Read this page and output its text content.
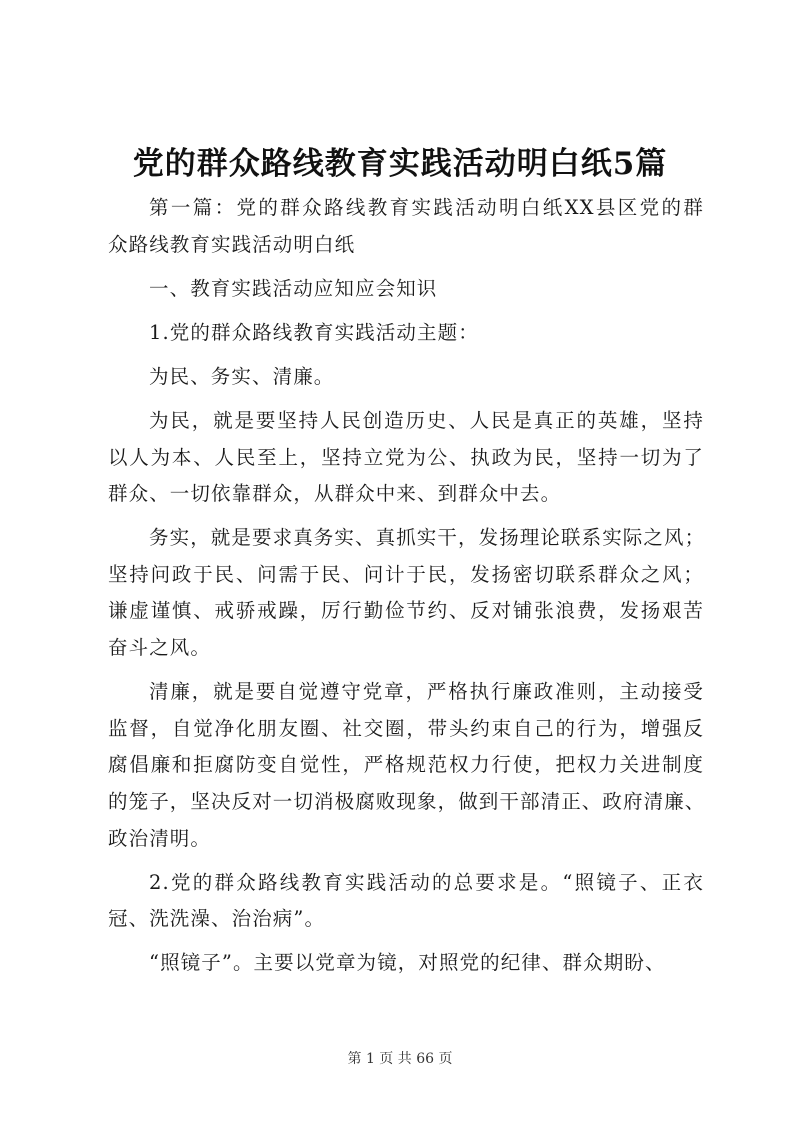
党的群众路线教育实践活动明白纸5篇
第一篇：党的群众路线教育实践活动明白纸XX县区党的群
众路线教育实践活动明白纸
一、教育实践活动应知应会知识
1.党的群众路线教育实践活动主题：
为民、务实、清廉。
为民，就是要坚持人民创造历史、人民是真正的英雄，坚持
以人为本、人民至上，坚持立党为公、执政为民，坚持一切为了
群众、一切依靠群众，从群众中来、到群众中去。
务实，就是要求真务实、真抓实干，发扬理论联系实际之风；
坚持问政于民、问需于民、问计于民，发扬密切联系群众之风；
谦虚谨慎、戒骄戒躁，厉行勤俭节约、反对铺张浪费，发扬艰苦
奋斗之风。
清廉，就是要自觉遵守党章，严格执行廉政准则，主动接受
监督，自觉净化朋友圈、社交圈，带头约束自己的行为，增强反
腐倡廉和拒腐防变自觉性，严格规范权力行使，把权力关进制度
的笼子，坚决反对一切消极腐败现象，做到干部清正、政府清廉、
政治清明。
2.党的群众路线教育实践活动的总要求是。“照镜子、正衣
冠、洗洗澡、治治病”。
“照镜子”。主要以党章为镜，对照党的纪律、群众期盼、
第 1 页 共 66 页
